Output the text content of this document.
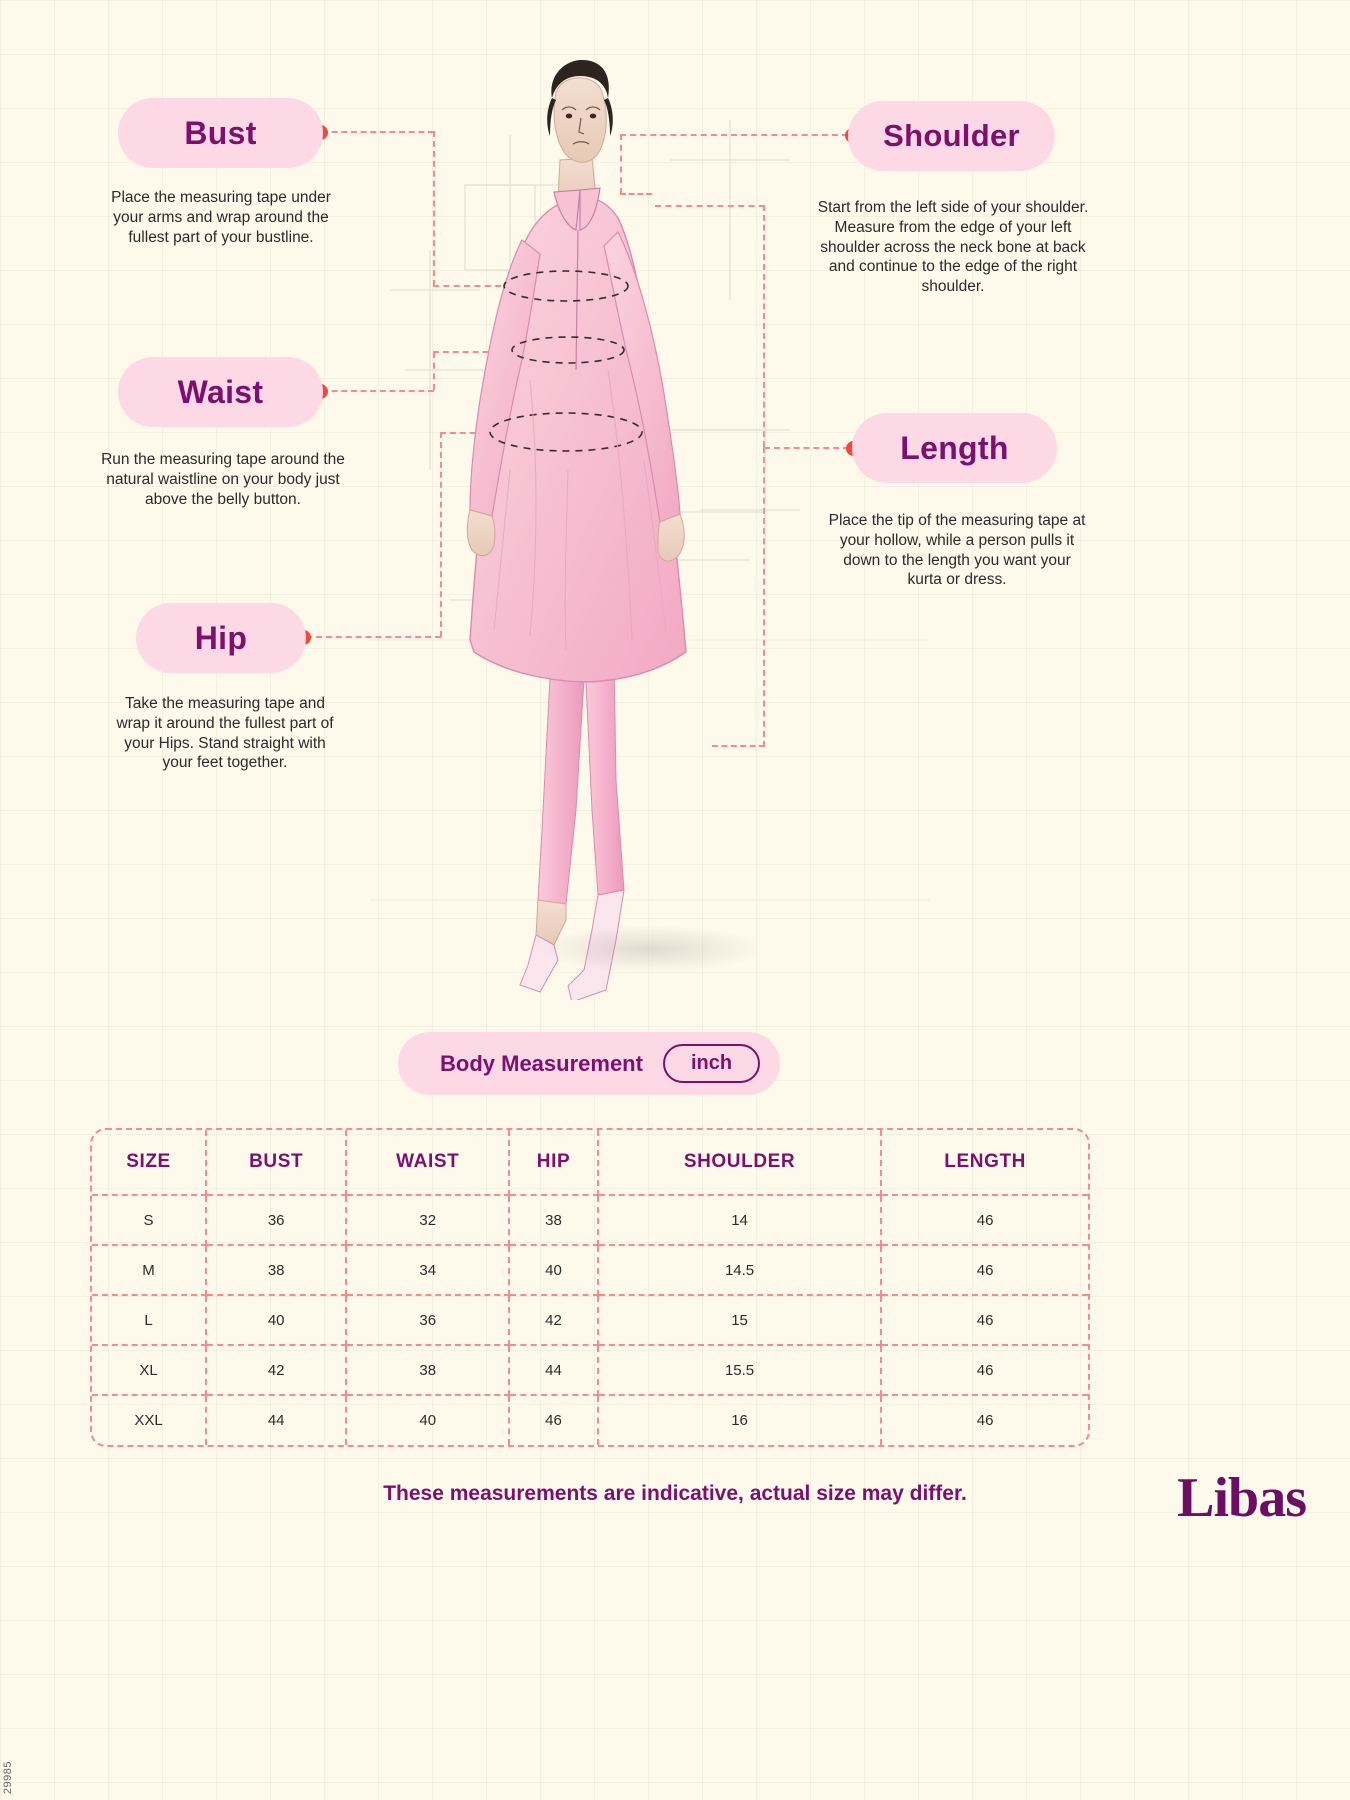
29985
Bust
Place the measuring tape under your arms and wrap around the fullest part of your bustline.
Waist
Run the measuring tape around the natural waistline on your body just above the belly button.
Hip
Take the measuring tape and wrap it around the fullest part of your Hips. Stand straight with your feet together.
Shoulder
Start from the left side of your shoulder. Measure from the edge of your left shoulder across the neck bone at back and continue to the edge of the right shoulder.
Length
Place the tip of the measuring tape at your hollow, while a person pulls it down to the length you want your kurta or dress.
Body Measurement	inch
SIZE	BUST	WAIST	HIP	SHOULDER	LENGTH
S	36	32	38	14	46
M	38	34	40	14.5	46
L	40	36	42	15	46
XL	42	38	44	15.5	46
XXL	44	40	46	16	46
These measurements are indicative, actual size may differ.	Libas
